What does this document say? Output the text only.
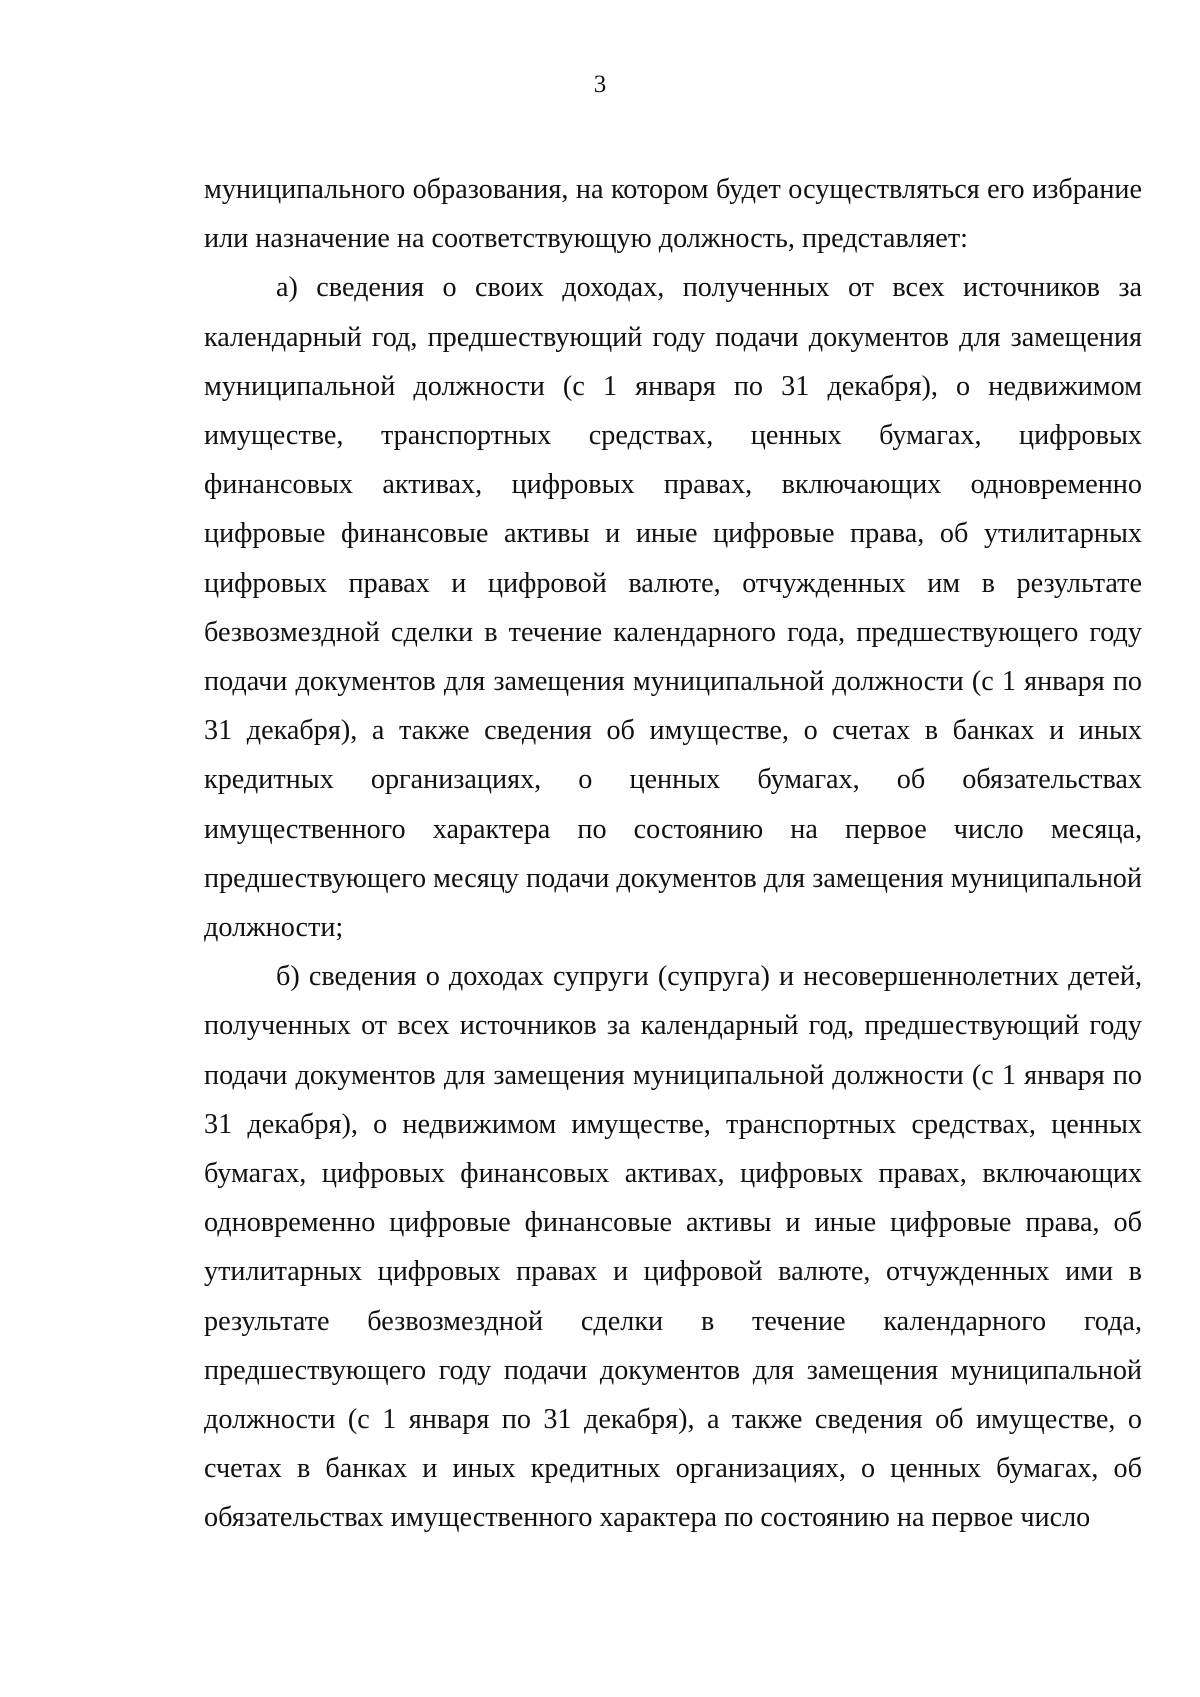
3

муниципального образования, на котором будет осуществляться его избрание или назначение на соответствующую должность, представляет:

а) сведения о своих доходах, полученных от всех источников за календарный год, предшествующий году подачи документов для замещения муниципальной должности (с 1 января по 31 декабря), о недвижимом имуществе, транспортных средствах, ценных бумагах, цифровых финансовых активах, цифровых правах, включающих одновременно цифровые финансовые активы и иные цифровые права, об утилитарных цифровых правах и цифровой валюте, отчужденных им в результате безвозмездной сделки в течение календарного года, предшествующего году подачи документов для замещения муниципальной должности (с 1 января по 31 декабря), а также сведения об имуществе, о счетах в банках и иных кредитных организациях, о ценных бумагах, об обязательствах имущественного характера по состоянию на первое число месяца, предшествующего месяцу подачи документов для замещения муниципальной должности;

б) сведения о доходах супруги (супруга) и несовершеннолетних детей, полученных от всех источников за календарный год, предшествующий году подачи документов для замещения муниципальной должности (с 1 января по 31 декабря), о недвижимом имуществе, транспортных средствах, ценных бумагах, цифровых финансовых активах, цифровых правах, включающих одновременно цифровые финансовые активы и иные цифровые права, об утилитарных цифровых правах и цифровой валюте, отчужденных ими в результате безвозмездной сделки в течение календарного года, предшествующего году подачи документов для замещения муниципальной должности (с 1 января по 31 декабря), а также сведения об имуществе, о счетах в банках и иных кредитных организациях, о ценных бумагах, об обязательствах имущественного характера по состоянию на первое число
